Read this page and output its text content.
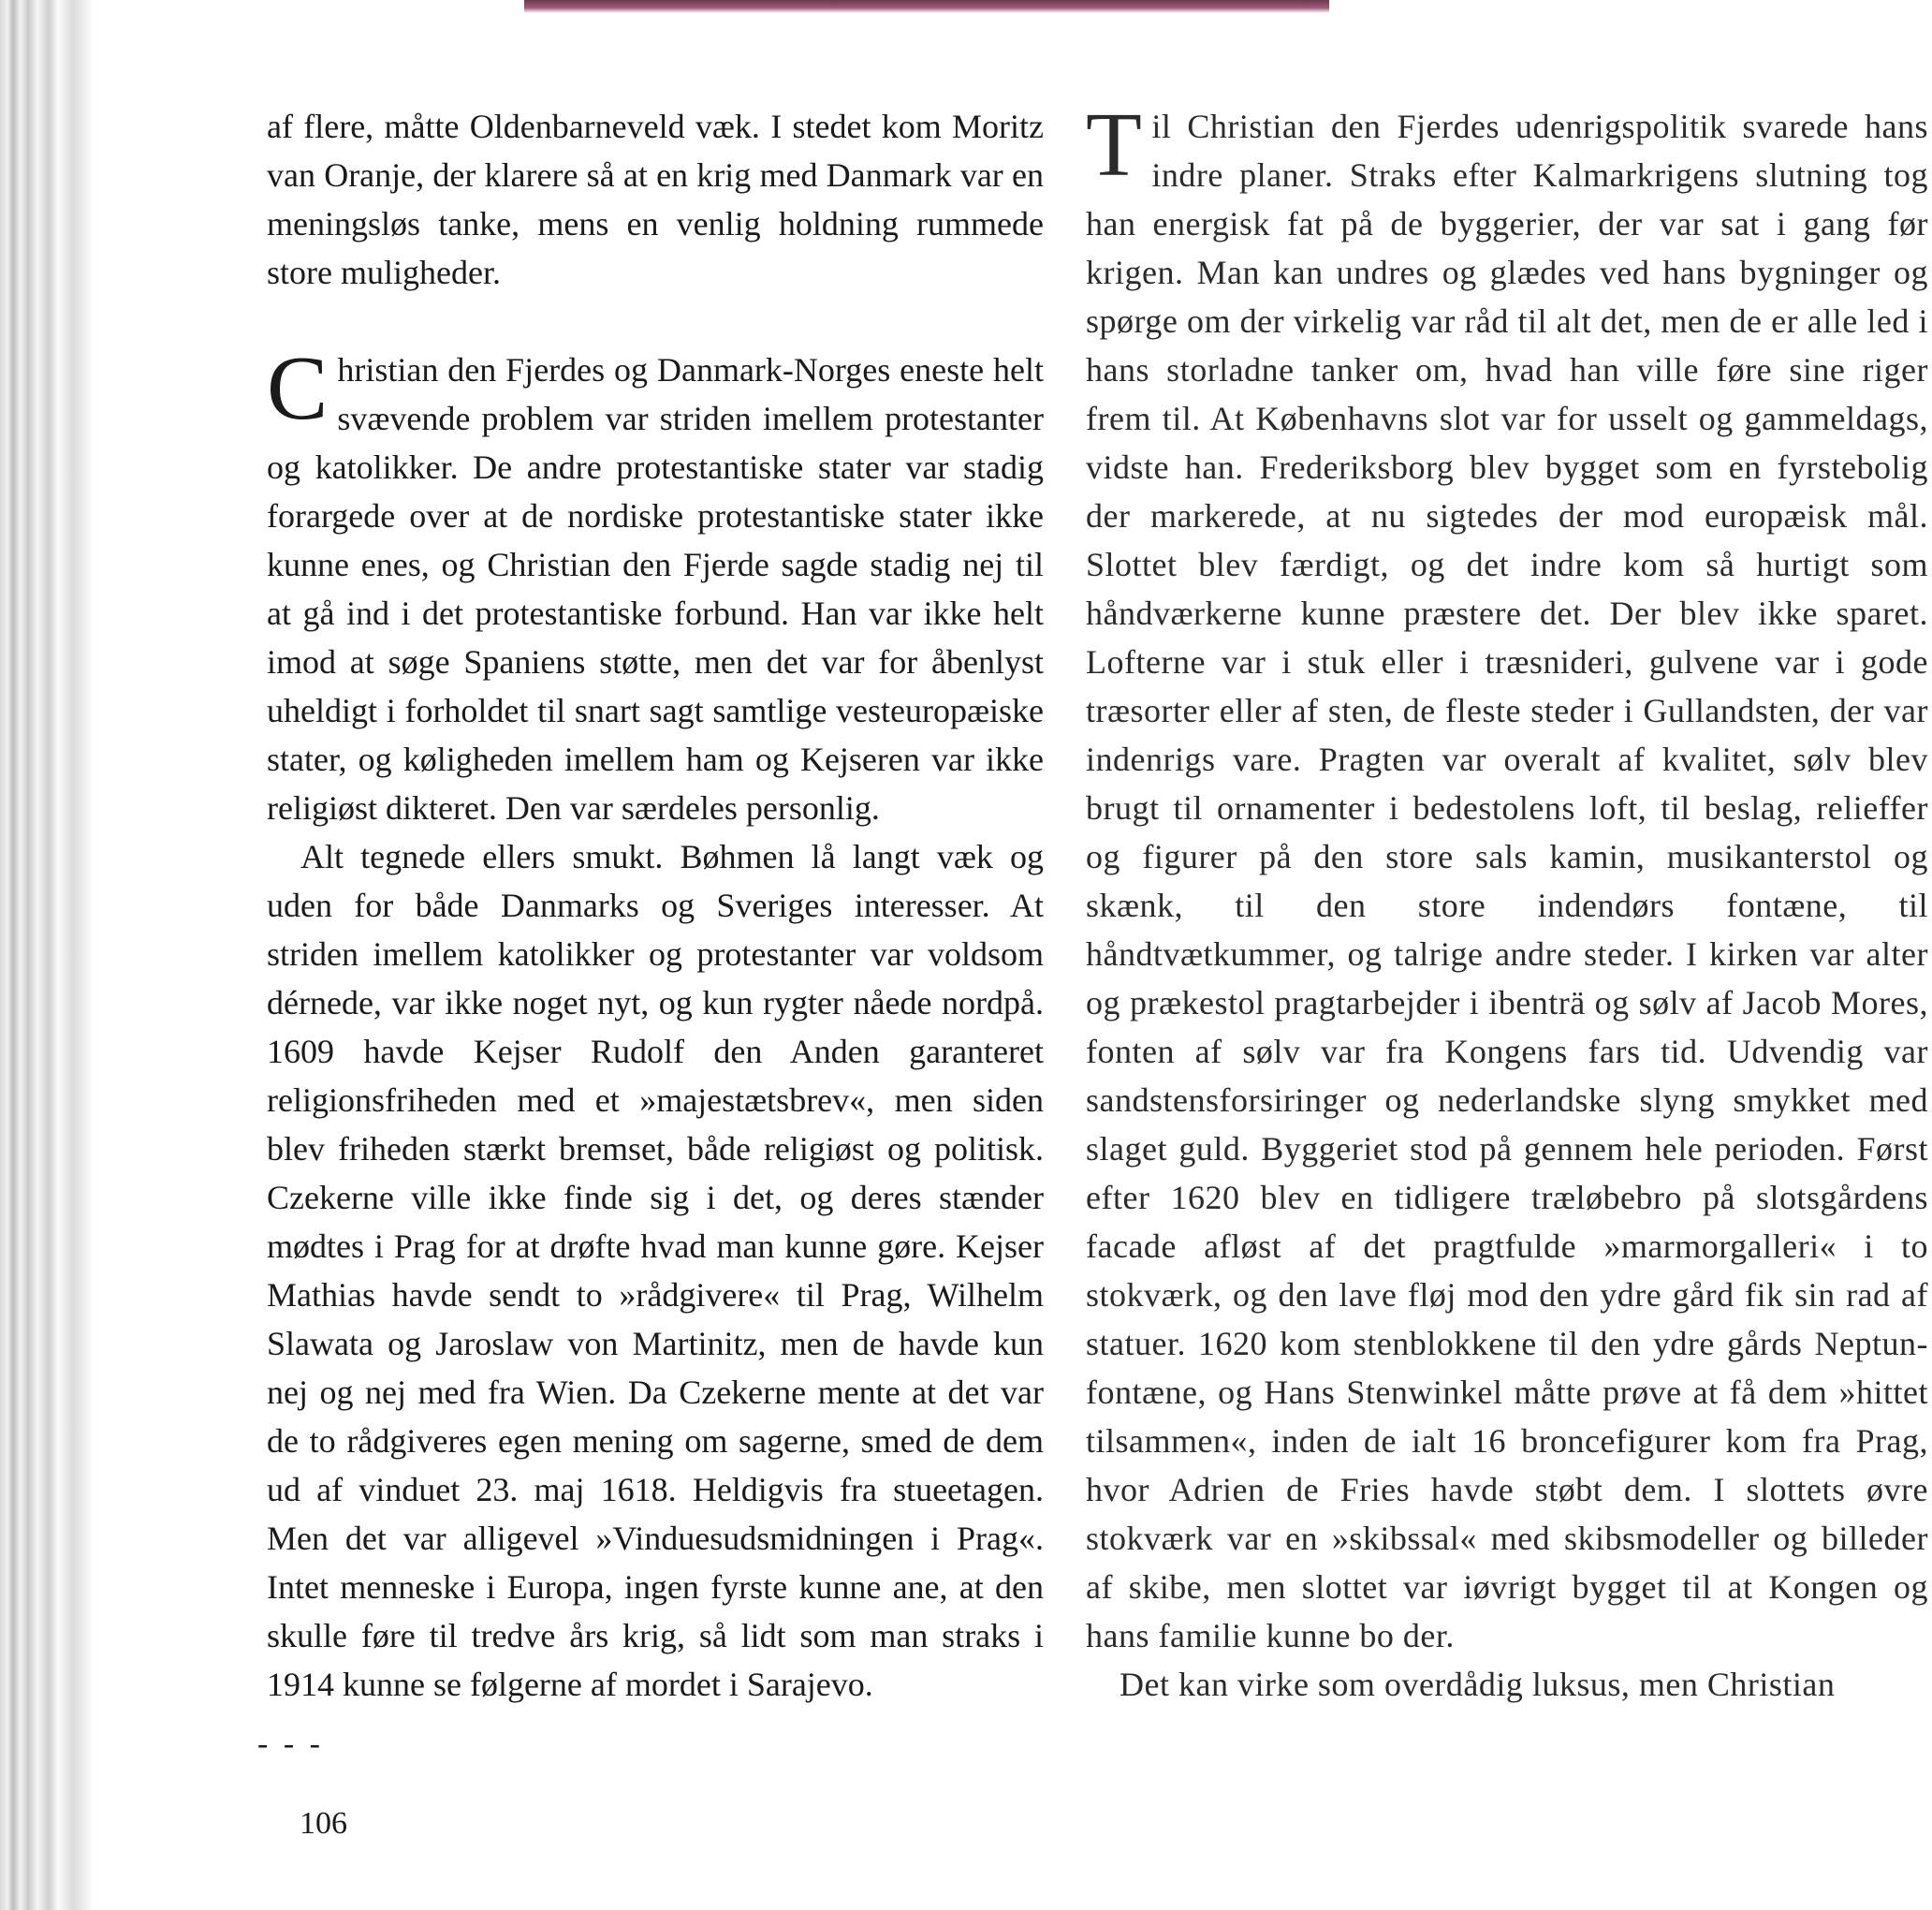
af flere, måtte Oldenbarneveld væk. I stedet kom Moritz van Oranje, der klarere så at en krig med Danmark var en meningsløs tanke, mens en venlig holdning rummede store muligheder.

Christian den Fjerdes og Danmark-Norges eneste helt svævende problem var striden imellem protestanter og katolikker. De andre protestantiske stater var stadig forargede over at de nordiske protestantiske stater ikke kunne enes, og Christian den Fjerde sagde stadig nej til at gå ind i det protestantiske forbund. Han var ikke helt imod at søge Spaniens støtte, men det var for åbenlyst uheldigt i forholdet til snart sagt samtlige vesteuropæiske stater, og køligheden imellem ham og Kejseren var ikke religiøst dikteret. Den var særdeles personlig.

Alt tegnede ellers smukt. Bøhmen lå langt væk og uden for både Danmarks og Sveriges interesser. At striden imellem katolikker og protestanter var voldsom dérnede, var ikke noget nyt, og kun rygter nåede nordpå. 1609 havde Kejser Rudolf den Anden garanteret religionsfriheden med et »majestætsbrev«, men siden blev friheden stærkt bremset, både religiøst og politisk. Czekerne ville ikke finde sig i det, og deres stænder mødtes i Prag for at drøfte hvad man kunne gøre. Kejser Mathias havde sendt to »rådgivere« til Prag, Wilhelm Slawata og Jaroslaw von Martinitz, men de havde kun nej og nej med fra Wien. Da Czekerne mente at det var de to rådgiveres egen mening om sagerne, smed de dem ud af vinduet 23. maj 1618. Heldigvis fra stueetagen. Men det var alligevel »Vinduesudsmidningen i Prag«. Intet menneske i Europa, ingen fyrste kunne ane, at den skulle føre til tredve års krig, så lidt som man straks i 1914 kunne se følgerne af mordet i Sarajevo.

Til Christian den Fjerdes udenrigspolitik svarede hans indre planer. Straks efter Kalmarkrigens slutning tog han energisk fat på de byggerier, der var sat i gang før krigen. Man kan undres og glædes ved hans bygninger og spørge om der virkelig var råd til alt det, men de er alle led i hans storladne tanker om, hvad han ville føre sine riger frem til. At Københavns slot var for usselt og gammeldags, vidste han. Frederiksborg blev bygget som en fyrstebolig der markerede, at nu sigtedes der mod europæisk mål. Slottet blev færdigt, og det indre kom så hurtigt som håndværkerne kunne præstere det. Der blev ikke sparet. Lofterne var i stuk eller i træsnideri, gulvene var i gode træsorter eller af sten, de fleste steder i Gullandsten, der var indenrigs vare. Pragten var overalt af kvalitet, sølv blev brugt til ornamenter i bedestolens loft, til beslag, relieffer og figurer på den store sals kamin, musikanterstol og skænk, til den store indendørs fontæne, til håndtvætkummer, og talrige andre steder. I kirken var alter og prækestol pragtarbejder i ibenträ og sølv af Jacob Mores, fonten af sølv var fra Kongens fars tid. Udvendig var sandstensforsiringer og nederlandske slyng smykket med slaget guld. Byggeriet stod på gennem hele perioden. Først efter 1620 blev en tidligere træløbebro på slotsgårdens facade afløst af det pragtfulde »marmorgalleri« i to stokværk, og den lave fløj mod den ydre gård fik sin rad af statuer. 1620 kom stenblokkene til den ydre gårds Neptun-fontæne, og Hans Stenwinkel måtte prøve at få dem »hittet tilsammen«, inden de ialt 16 broncefigurer kom fra Prag, hvor Adrien de Fries havde støbt dem. I slottets øvre stokværk var en »skibssal« med skibsmodeller og billeder af skibe, men slottet var iøvrigt bygget til at Kongen og hans familie kunne bo der.

Det kan virke som overdådig luksus, men Christian

- - -
106
